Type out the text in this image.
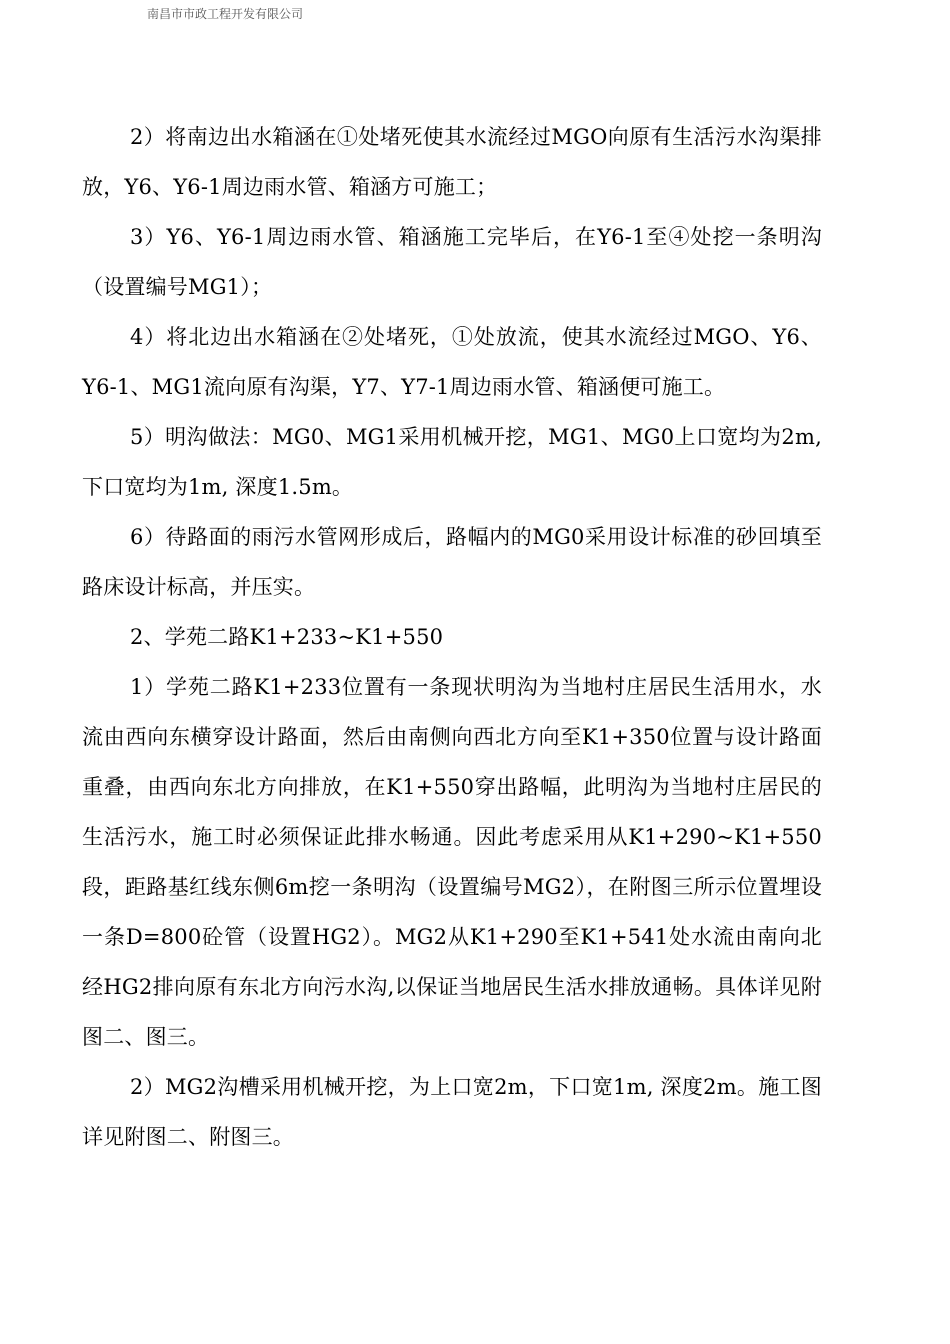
南昌市市政工程开发有限公司

2）将南边出水箱涵在①处堵死使其水流经过MGO向原有生活污水沟渠排放，Y6、Y6-1周边雨水管、箱涵方可施工；

3）Y6、Y6-1周边雨水管、箱涵施工完毕后，在Y6-1至④处挖一条明沟（设置编号MG1）；

4）将北边出水箱涵在②处堵死，①处放流，使其水流经过MGO、Y6、Y6-1、MG1流向原有沟渠，Y7、Y7-1周边雨水管、箱涵便可施工。

5）明沟做法：MG0、MG1采用机械开挖，MG1、MG0上口宽均为2m, 下口宽均为1m, 深度1.5m。

6）待路面的雨污水管网形成后，路幅内的MG0采用设计标准的砂回填至路床设计标高，并压实。

2、学苑二路K1+233~K1+550

1）学苑二路K1+233位置有一条现状明沟为当地村庄居民生活用水，水流由西向东横穿设计路面，然后由南侧向西北方向至K1+350位置与设计路面重叠，由西向东北方向排放，在K1+550穿出路幅，此明沟为当地村庄居民的生活污水，施工时必须保证此排水畅通。因此考虑采用从K1+290~K1+550段，距路基红线东侧6m挖一条明沟（设置编号MG2），在附图三所示位置埋设一条D=800砼管（设置HG2）。MG2从K1+290至K1+541处水流由南向北经HG2排向原有东北方向污水沟,以保证当地居民生活水排放通畅。具体详见附图二、图三。

2）MG2沟槽采用机械开挖，为上口宽2m，下口宽1m, 深度2m。施工图详见附图二、附图三。
